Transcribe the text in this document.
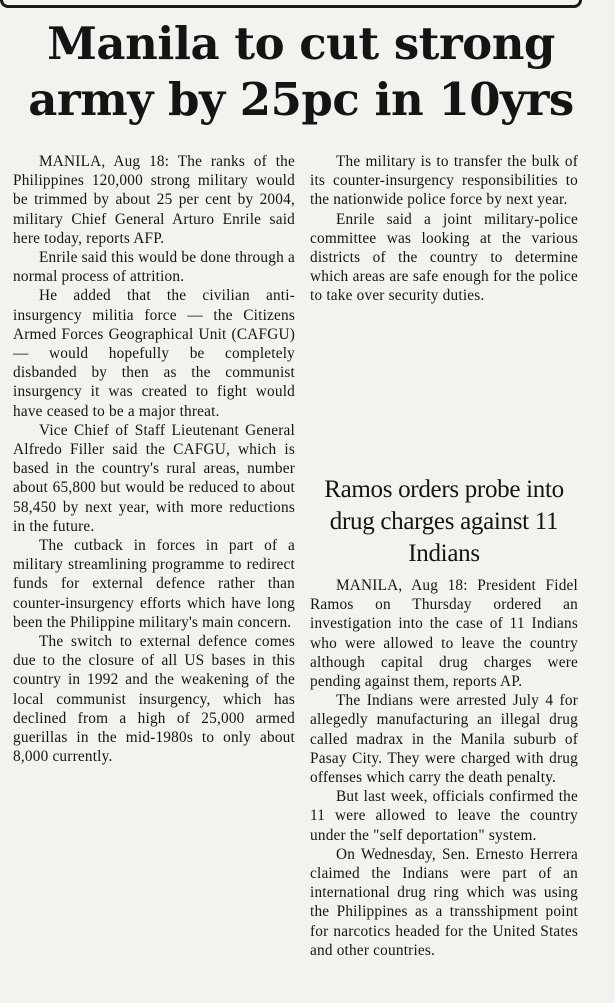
Manila to cut strong army by 25pc in 10yrs

MANILA, Aug 18: The ranks of the Philippines 120,000 strong military would be trimmed by about 25 per cent by 2004, military Chief General Arturo Enrile said here today, reports AFP.

Enrile said this would be done through a normal process of attrition.

He added that the civilian anti-insurgency militia force — the Citizens Armed Forces Geographical Unit (CAFGU) — would hopefully be completely disbanded by then as the communist insurgency it was created to fight would have ceased to be a major threat.

Vice Chief of Staff Lieutenant General Alfredo Filler said the CAFGU, which is based in the country's rural areas, number about 65,800 but would be reduced to about 58,450 by next year, with more reductions in the future.

The cutback in forces in part of a military streamlining programme to redirect funds for external defence rather than counter-insurgency efforts which have long been the Philippine military's main concern.

The switch to external defence comes due to the closure of all US bases in this country in 1992 and the weakening of the local communist insurgency, which has declined from a high of 25,000 armed guerillas in the mid-1980s to only about 8,000 currently.

The military is to transfer the bulk of its counter-insurgency responsibilities to the nationwide police force by next year.

Enrile said a joint military-police committee was looking at the various districts of the country to determine which areas are safe enough for the police to take over security duties.

Ramos orders probe into drug charges against 11 Indians

MANILA, Aug 18: President Fidel Ramos on Thursday ordered an investigation into the case of 11 Indians who were allowed to leave the country although capital drug charges were pending against them, reports AP.

The Indians were arrested July 4 for allegedly manufacturing an illegal drug called madrax in the Manila suburb of Pasay City. They were charged with drug offenses which carry the death penalty.

But last week, officials confirmed the 11 were allowed to leave the country under the "self deportation" system.

On Wednesday, Sen. Ernesto Herrera claimed the Indians were part of an international drug ring which was using the Philippines as a transshipment point for narcotics headed for the United States and other countries.
